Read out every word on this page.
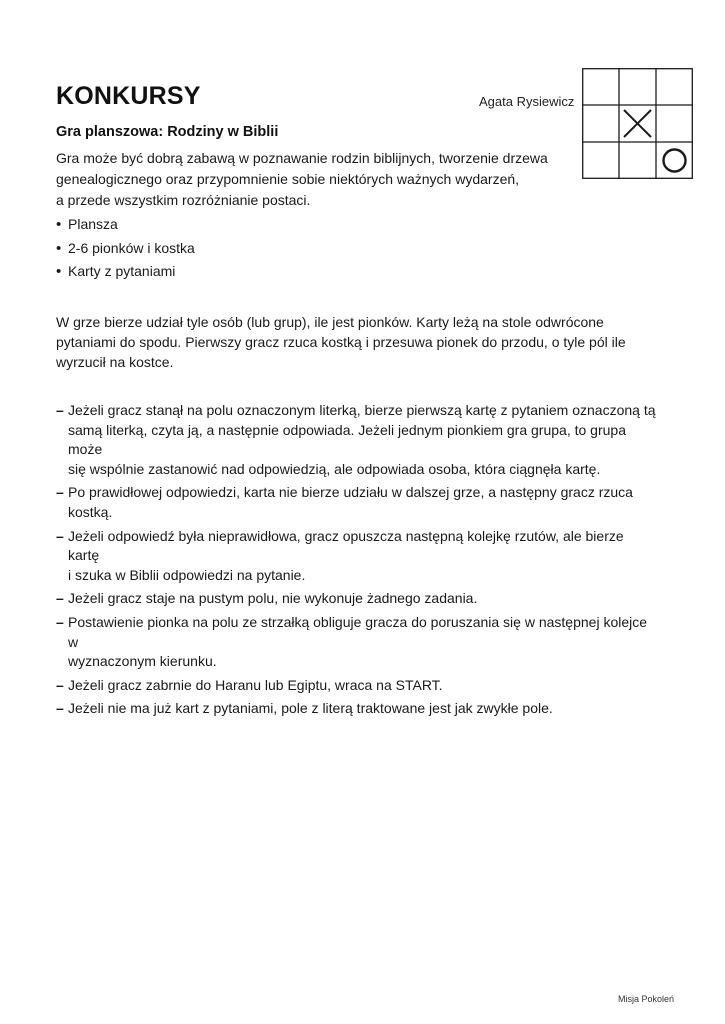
KONKURSY	Agata Rysiewicz
Gra planszowa: Rodziny w Biblii

Gra może być dobrą zabawą w poznawanie rodzin biblijnych, tworzenie drzewa
genealogicznego oraz przypomnienie sobie niektórych ważnych wydarzeń,
a przede wszystkim rozróżnianie postaci.

• Plansza
• 2-6 pionków i kostka
• Karty z pytaniami

W grze bierze udział tyle osób (lub grup), ile jest pionków. Karty leżą na stole odwrócone
pytaniami do spodu. Pierwszy gracz rzuca kostką i przesuwa pionek do przodu, o tyle pól ile
wyrzucił na kostce.

– Jeżeli gracz stanął na polu oznaczonym literką, bierze pierwszą kartę z pytaniem oznaczoną tą
samą literką, czyta ją, a następnie odpowiada. Jeżeli jednym pionkiem gra grupa, to grupa może
się wspólnie zastanowić nad odpowiedzią, ale odpowiada osoba, która ciągnęła kartę.
– Po prawidłowej odpowiedzi, karta nie bierze udziału w dalszej grze, a następny gracz rzuca
kostką.
– Jeżeli odpowiedź była nieprawidłowa, gracz opuszcza następną kolejkę rzutów, ale bierze kartę
i szuka w Biblii odpowiedzi na pytanie.
– Jeżeli gracz staje na pustym polu, nie wykonuje żadnego zadania.
– Postawienie pionka na polu ze strzałką obliguje gracza do poruszania się w następnej kolejce w
wyznaczonym kierunku.
– Jeżeli gracz zabrnie do Haranu lub Egiptu, wraca na START.
– Jeżeli nie ma już kart z pytaniami, pole z literą traktowane jest jak zwykłe pole.
Misja Pokoleń
